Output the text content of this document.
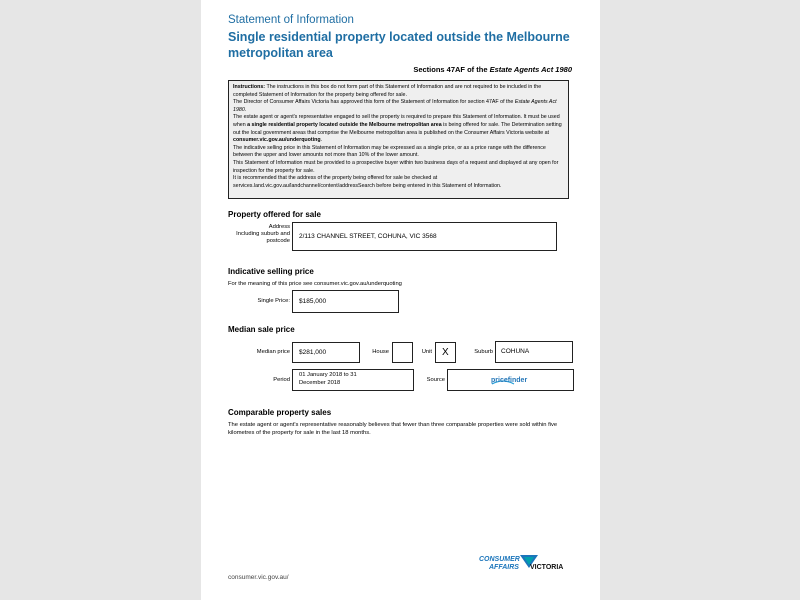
Statement of Information
Single residential property located outside the Melbourne metropolitan area
Sections 47AF of the Estate Agents Act 1980

Instructions: The instructions in this box do not form part of this Statement of Information and are not required to be included in the completed Statement of Information for the property being offered for sale.

The Director of Consumer Affairs Victoria has approved this form of the Statement of Information for section 47AF of the Estate Agents Act 1980.

The estate agent or agent's representative engaged to sell the property is required to prepare this Statement of Information. It must be used when a single residential property located outside the Melbourne metropolitan area is being offered for sale. The Determination setting out the local government areas that comprise the Melbourne metropolitan area is published on the Consumer Affairs Victoria website at consumer.vic.gov.au/underquoting.

The indicative selling price in this Statement of Information may be expressed as a single price, or as a price range with the difference between the upper and lower amounts not more than 10% of the lower amount.

This Statement of Information must be provided to a prospective buyer within two business days of a request and displayed at any open for inspection for the property for sale.

It is recommended that the address of the property being offered for sale be checked at services.land.vic.gov.au/landchannel/content/addressSearch before being entered in this Statement of Information.

Property offered for sale
Address
Including suburb and postcode
2/113 CHANNEL STREET, COHUNA, VIC 3568
Indicative selling price
For the meaning of this price see consumer.vic.gov.au/underquoting
Single Price: $185,000
Median sale price
Median price $281,000	House	Unit X	Suburb COHUNA
Period
01 January 2018 to 31 December 2018	Source	pricefinder
Comparable property sales
The estate agent or agent's representative reasonably believes that fewer than three comparable properties were sold within five kilometres of the property for sale in the last 18 months.
consumer.vic.gov.au/
CONSUMER
AFFAIRS VICTORIA
